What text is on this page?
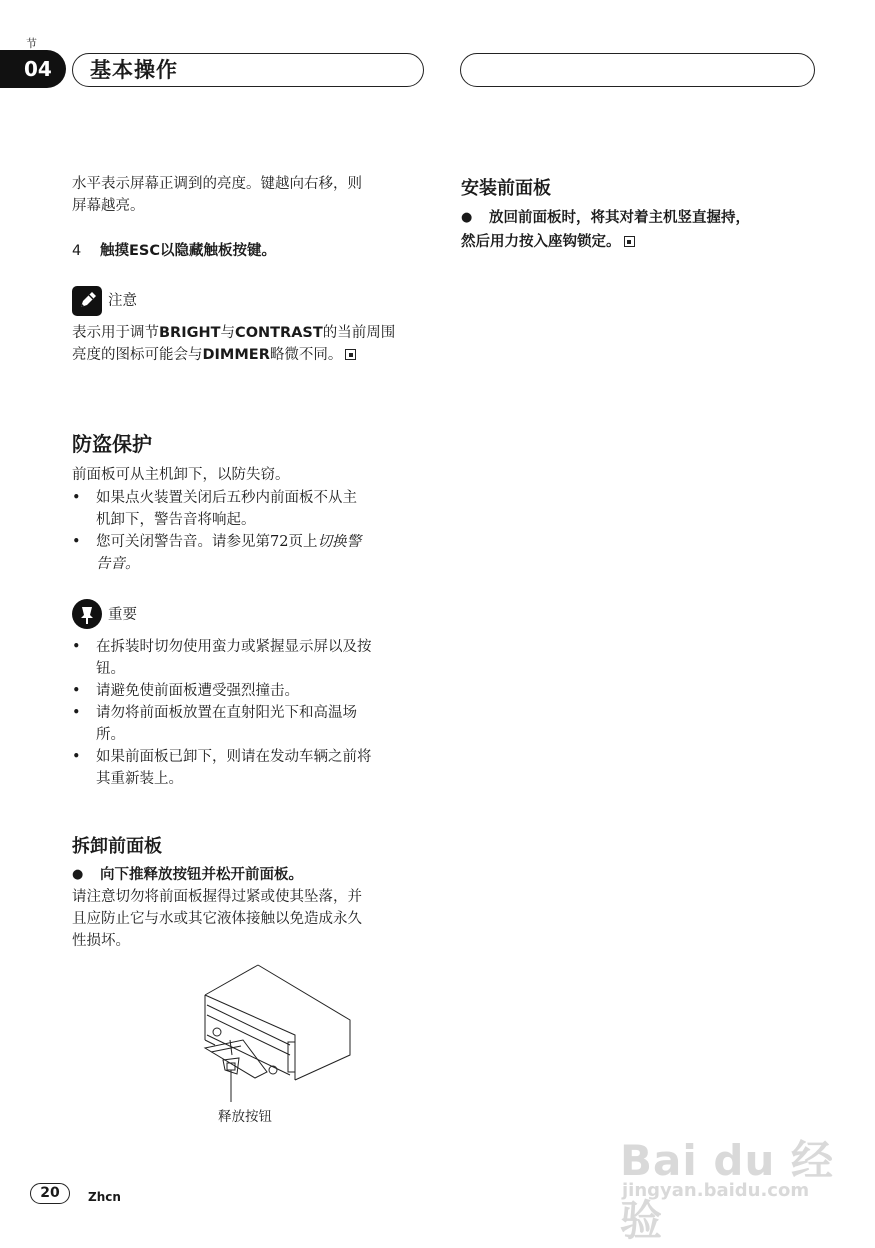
节
04	基本操作
水平表示屏幕正调到的亮度。键越向右移，则
屏幕越亮。
4 触摸ESC以隐藏触板按键。
注意
表示用于调节BRIGHT与CONTRAST的当前周围
亮度的图标可能会与DIMMER略微不同。
防盗保护
前面板可从主机卸下，以防失窃。
• 如果点火装置关闭后五秒内前面板不从主
机卸下，警告音将响起。
• 您可关闭警告音。请参见第72页上切换警
告音。
重要
• 在拆装时切勿使用蛮力或紧握显示屏以及按
钮。
• 请避免使前面板遭受强烈撞击。
• 请勿将前面板放置在直射阳光下和高温场
所。
• 如果前面板已卸下，则请在发动车辆之前将
其重新装上。
拆卸前面板
● 向下推释放按钮并松开前面板。
请注意切勿将前面板握得过紧或使其坠落，并
且应防止它与水或其它液体接触以免造成永久
性损坏。
释放按钮
安装前面板
● 放回前面板时，将其对着主机竖直握持，
然后用力按入座钩锁定。
20	Zhcn
Bai du 经验
jingyan.baidu.com
